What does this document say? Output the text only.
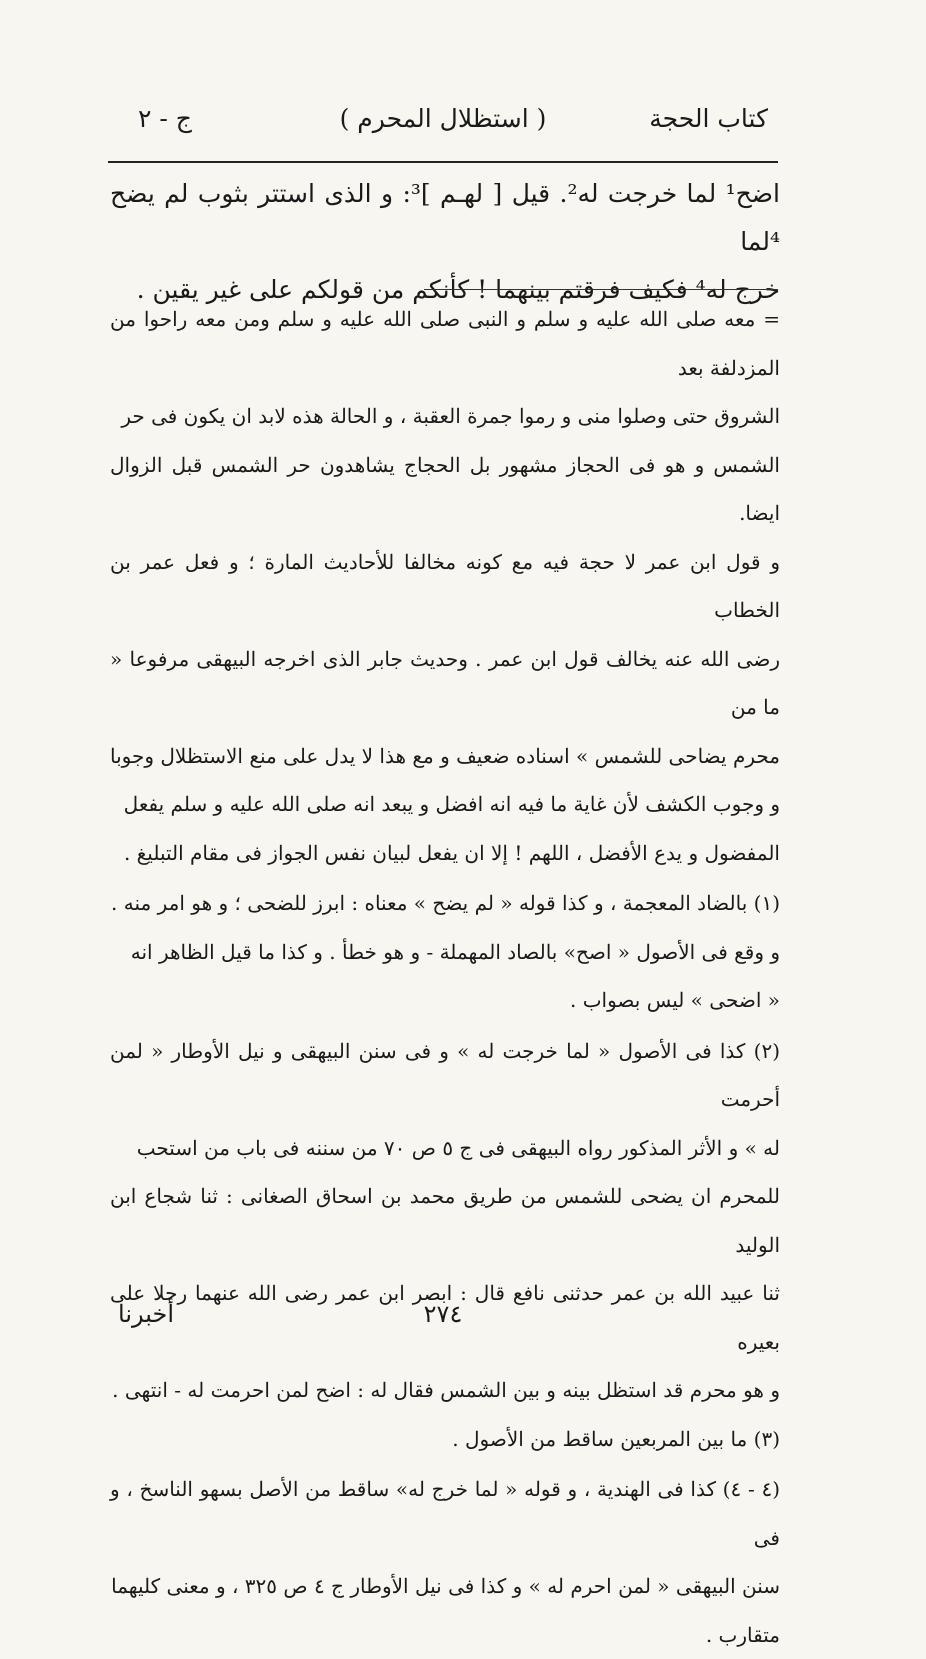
كتاب الحجة
( استظلال المحرم )
ج - ٢

اضح¹ لما خرجت له². قيل [ لهـم ]³: و الذى استتر بثوب لم يضح ⁴لما

خرج له⁴ فكيف فرقتم بينهما ! كأنكم من قولكم على غير يقين .

= معه صلى الله عليه و سلم و النبى صلى الله عليه و سلم ومن معه راحوا من المزدلفة بعد

الشروق حتى وصلوا منى و رموا جمرة العقبة ، و الحالة هذه لابد ان يكون فى حر

الشمس و هو فى الحجاز مشهور بل الحجاج يشاهدون حر الشمس قبل الزوال ايضا.

و قول ابن عمر لا حجة فيه مع كونه مخالفا للأحاديث المارة ؛ و فعل عمر بن الخطاب

رضى الله عنه يخالف قول ابن عمر . وحديث جابر الذى اخرجه البيهقى مرفوعا « ما من

محرم يضاحى للشمس » اسناده ضعيف و مع هذا لا يدل على منع الاستظلال وجوبا

و وجوب الكشف لأن غاية ما فيه انه افضل و يبعد انه صلى الله عليه و سلم يفعل

المفضول و يدع الأفضل ، اللهم ! إلا ان يفعل لبيان نفس الجواز فى مقام التبليغ .

(١) بالضاد المعجمة ، و كذا قوله « لم يضح » معناه : ابرز للضحى ؛ و هو امر منه .

و وقع فى الأصول « اصح» بالصاد المهملة - و هو خطأ . و كذا ما قيل الظاهر انه

« اضحى » ليس بصواب .

(٢) كذا فى الأصول « لما خرجت له » و فى سنن البيهقى و نيل الأوطار « لمن أحرمت

له » و الأثر المذكور رواه البيهقى فى ج ٥ ص ٧٠ من سننه فى باب من استحب

للمحرم ان يضحى للشمس من طريق محمد بن اسحاق الصغانى : ثنا شجاع ابن الوليد

ثنا عبيد الله بن عمر حدثنى نافع قال : ابصر ابن عمر رضى الله عنهما رجلا على بعيره

و هو محرم قد استظل بينه و بين الشمس فقال له : اضح لمن احرمت له - انتهى .

(٣) ما بين المربعين ساقط من الأصول .

(٤ - ٤) كذا فى الهندية ، و قوله « لما خرج له» ساقط من الأصل بسهو الناسخ ، و فى

سنن البيهقى « لمن احرم له » و كذا فى نيل الأوطار ج ٤ ص ٣٢٥ ، و معنى كليهما

متقارب .

٢٧٤
أخبرنا
